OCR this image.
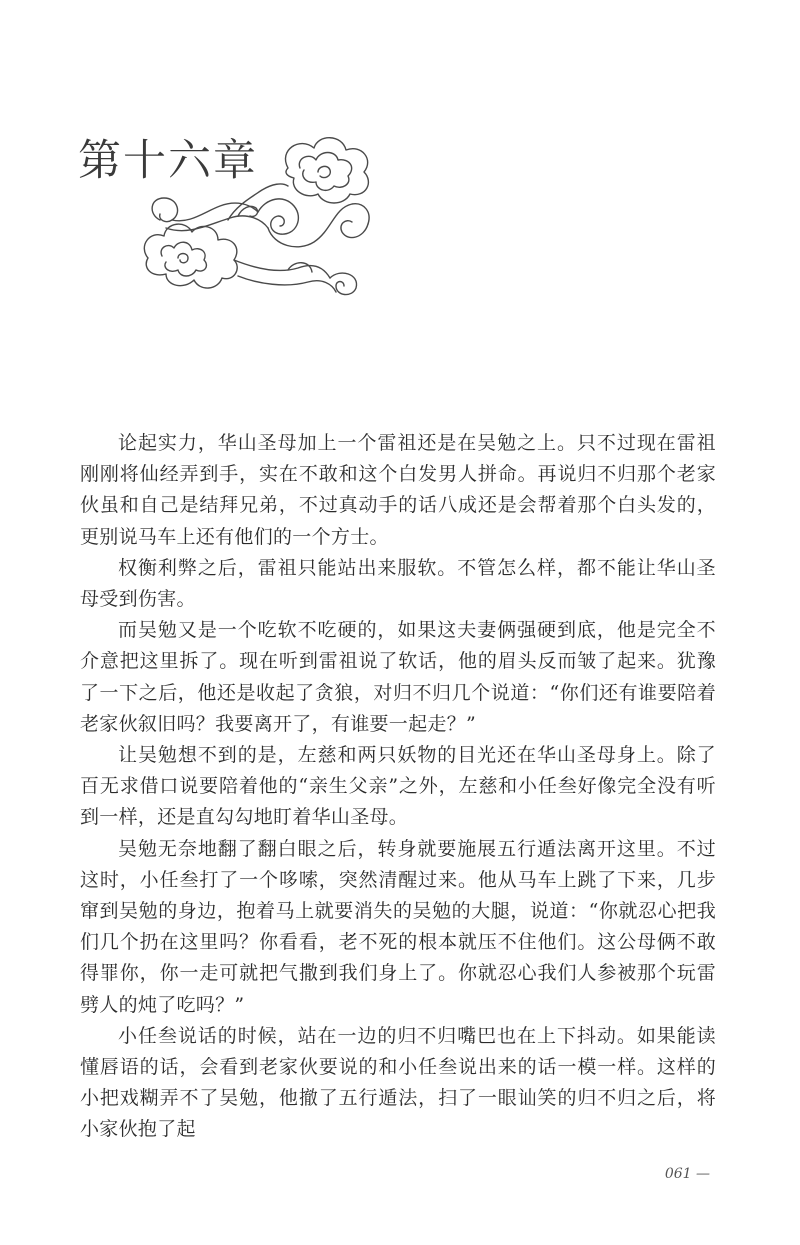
第十六章

论起实力，华山圣母加上一个雷祖还是在吴勉之上。只不过现在雷祖刚刚将仙经弄到手，实在不敢和这个白发男人拼命。再说归不归那个老家伙虽和自己是结拜兄弟，不过真动手的话八成还是会帮着那个白头发的，更别说马车上还有他们的一个方士。

权衡利弊之后，雷祖只能站出来服软。不管怎么样，都不能让华山圣母受到伤害。

而吴勉又是一个吃软不吃硬的，如果这夫妻俩强硬到底，他是完全不介意把这里拆了。现在听到雷祖说了软话，他的眉头反而皱了起来。犹豫了一下之后，他还是收起了贪狼，对归不归几个说道：“你们还有谁要陪着老家伙叙旧吗？我要离开了，有谁要一起走？”

让吴勉想不到的是，左慈和两只妖物的目光还在华山圣母身上。除了百无求借口说要陪着他的“亲生父亲”之外，左慈和小任叁好像完全没有听到一样，还是直勾勾地盯着华山圣母。

吴勉无奈地翻了翻白眼之后，转身就要施展五行遁法离开这里。不过这时，小任叁打了一个哆嗦，突然清醒过来。他从马车上跳了下来，几步窜到吴勉的身边，抱着马上就要消失的吴勉的大腿，说道：“你就忍心把我们几个扔在这里吗？你看看，老不死的根本就压不住他们。这公母俩不敢得罪你，你一走可就把气撒到我们身上了。你就忍心我们人参被那个玩雷劈人的炖了吃吗？”

小任叁说话的时候，站在一边的归不归嘴巴也在上下抖动。如果能读懂唇语的话，会看到老家伙要说的和小任叁说出来的话一模一样。这样的小把戏糊弄不了吴勉，他撤了五行遁法，扫了一眼讪笑的归不归之后，将小家伙抱了起

061 —
